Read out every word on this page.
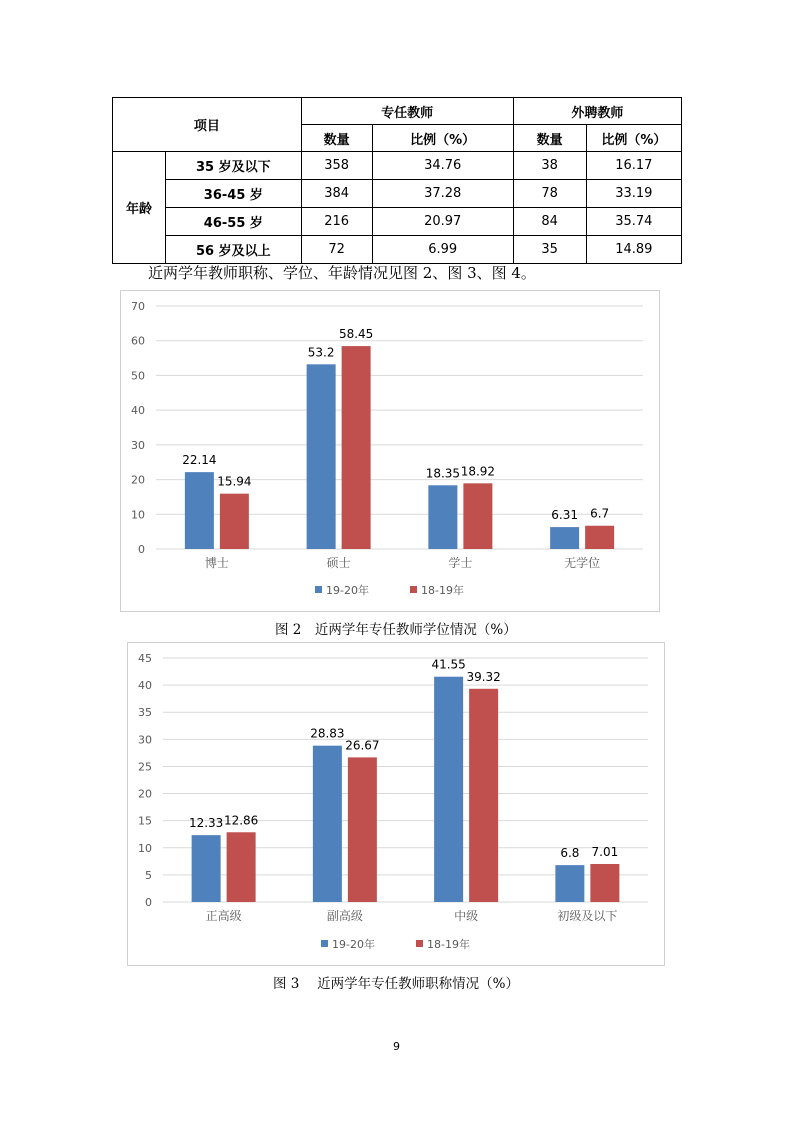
项目		专任教师		外聘教师	
		数量	比例（%）	数量	比例（%）
年龄	35 岁及以下	358	34.76	38	16.17
	36-45 岁	384	37.28	78	33.19
	46-55 岁	216	20.97	84	35.74
	56 岁及以上	72	6.99	35	14.89
近两学年教师职称、学位、年龄情况见图 2、图 3、图 4。
0
10
20
30
40
50
60
70
22.14
15.94
博士
53.2
58.45
硕士
18.35 18.92
学士
6.31 6.7
无学位
19-20年	18-19年
图 2　近两学年专任教师学位情况（%）
0
5
10
15
20
25
30
35
40
45
12.33 12.86
正高级
28.83
26.67
副高级
41.55
39.32
中级
6.8 7.01
初级及以下
19-20年	18-19年
图 3　 近两学年专任教师职称情况（%）
9
